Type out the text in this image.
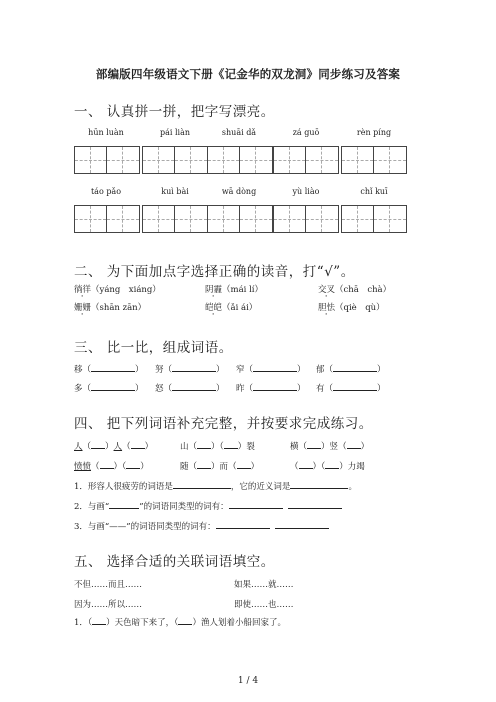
部编版四年级语文下册《记金华的双龙洞》同步练习及答案
一、 认真拼一拼，把字写漂亮。
hūn luàn	pái liàn	shuāi dǎ	zá guō	rèn píng
táo pǎo	kuì bài	wā dòng	yù liào	chǐ kuī
二、 为下面加点字选择正确的读音，打“√”。
徜徉（yáng　xiáng）	阴霾（mái lí）	交叉（chā　chà）
姗姗（shān zān）	皑皑（ǎi ái）	胆怯（qiè　qù）
三、 比一比，组成词语。
移（	） 努（	） 窄（	） 郁（	）
多（	） 怒（	） 昨（	） 有（	）
四、 把下列词语补充完整，并按要求完成练习。
人（ ）人（ ）	山（ ）（ ）裂	横（ ）竖（ ）
愤愤（ ）（ ）	随（ ）而（ ）	（ ）（ ）力竭
1．形容人很疲劳的词语是	，它的近义词是	。
2．与画“	”的词语同类型的词有：
3．与画“——”的词语同类型的词有：
五、 选择合适的关联词语填空。
不但……而且……	如果……就……
因为……所以……	即使……也……
1．（ ）天色暗下来了，（ ）渔人划着小船回家了。
1 / 4
